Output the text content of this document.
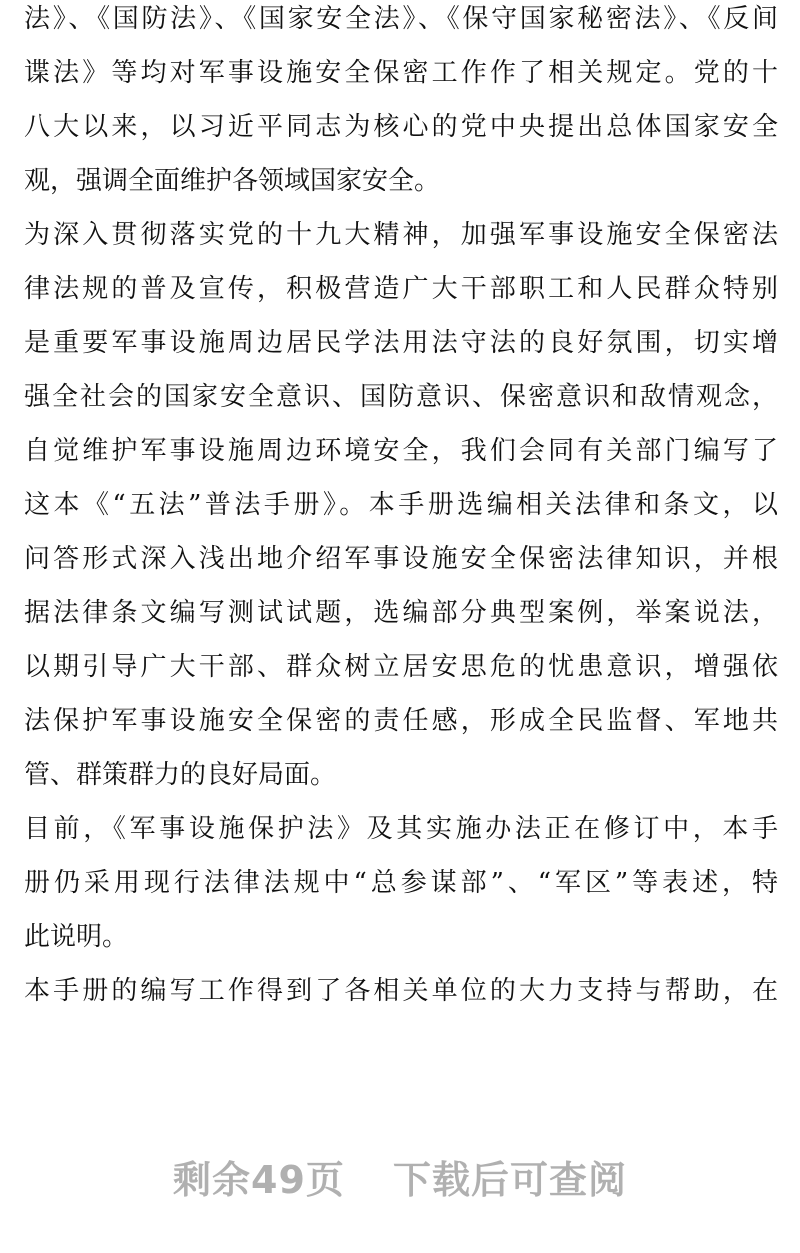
法》、《国防法》、《国家安全法》、《保守国家秘密法》、《反间
谍法》等均对军事设施安全保密工作作了相关规定。党的十
八大以来，以习近平同志为核心的党中央提出总体国家安全
观，强调全面维护各领域国家安全。
为深入贯彻落实党的十九大精神，加强军事设施安全保密法
律法规的普及宣传，积极营造广大干部职工和人民群众特别
是重要军事设施周边居民学法用法守法的良好氛围，切实增
强全社会的国家安全意识、国防意识、保密意识和敌情观念，
自觉维护军事设施周边环境安全，我们会同有关部门编写了
这本《“五法”普法手册》。本手册选编相关法律和条文，以
问答形式深入浅出地介绍军事设施安全保密法律知识，并根
据法律条文编写测试试题，选编部分典型案例，举案说法，
以期引导广大干部、群众树立居安思危的忧患意识，增强依
法保护军事设施安全保密的责任感，形成全民监督、军地共
管、群策群力的良好局面。
目前，《军事设施保护法》及其实施办法正在修订中，本手
册仍采用现行法律法规中“总参谋部”、“军区”等表述，特
此说明。
本手册的编写工作得到了各相关单位的大力支持与帮助，在
剩余49页 下载后可查阅
